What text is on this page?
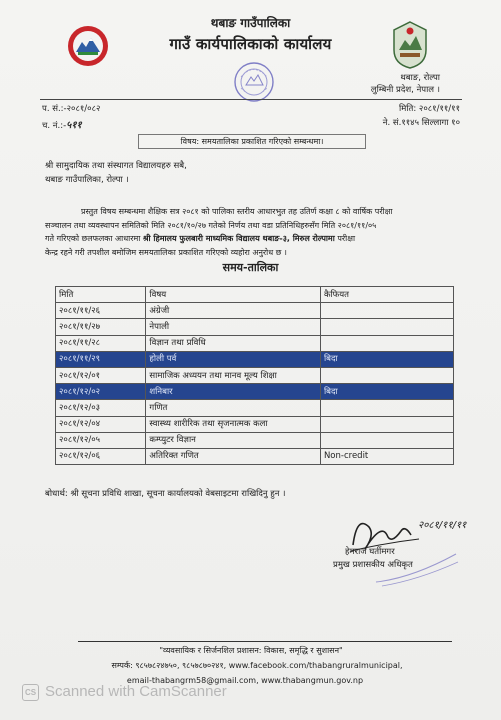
थबाङ गाउँपालिका
गाउँ कार्यपालिकाको कार्यालय
थबाङ, रोल्पा
लुम्बिनी प्रदेश, नेपाल ।
प. सं.:-२०८१/०८२
च. नं.:-५११
मिति: २०८१/११/११
ने. सं.११४५ सिल्लागा १०
विषय: समयतालिका प्रकाशित गरिएको सम्बन्धमा।
श्री सामुदायिक तथा संस्थागत विद्यालयहरु सबै,
थबाङ गाउँपालिका, रोल्पा ।
प्रस्तुत विषय सम्बन्धमा शैक्षिक सत्र २०८१ को पालिका स्तरीय आधारभुत तह उतिर्ण कक्षा ८ को वार्षिक परीक्षा
सञ्चालन तथा व्यवस्थापन समितिको मिति २०८१/१०/२७ गतेको निर्णय तथा वडा प्रतिनिधिहरुसँग मिति २०८१/११/०५
गते गरिएको छलफलका आधारमा श्री हिमालय फुलबारी माध्यमिक विद्यालय थबाङ-३, मिरुल रोल्पामा परीक्षा
केन्द्र रहने गरी तपशील बमोजिम समयतालिका प्रकाशित गरिएको व्यहोरा अनुरोध छ ।
समय-तालिका
मिति	विषय	कैफियत
२०८१/११/२६	अंग्रेजी	
२०८१/११/२७	नेपाली	
२०८१/११/२८	विज्ञान तथा प्रविधि	
२०८१/११/२९	होली पर्व	बिदा
२०८१/१२/०१	सामाजिक अध्ययन तथा मानव मूल्य शिक्षा	
२०८१/१२/०२	शनिबार	बिदा
२०८१/१२/०३	गणित	
२०८१/१२/०४	स्वास्थ्य शारीरिक तथा सृजनात्मक कला	
२०८१/१२/०५	कम्प्युटर विज्ञान	
२०८१/१२/०६	अतिरिक्त गणित	Non-credit
बोधार्थ: श्री सूचना प्रविधि शाखा, सूचना कार्यालयको वेबसाइटमा राखिदिनु हुन ।
२०८१/११/११
हेमराज घर्तीमगर
प्रमुख प्रशासकीय अधिकृत
"व्यवसायिक र सिर्जनशिल प्रशासन: विकास, समृद्धि र सुशासन"
सम्पर्क: ९८५७८२४७५०, ९८५७८७०२४१, www.facebook.com/thabangruralmunicipal,
email-thabangrm58@gmail.com, www.thabangmun.gov.np
CS Scanned with CamScanner
